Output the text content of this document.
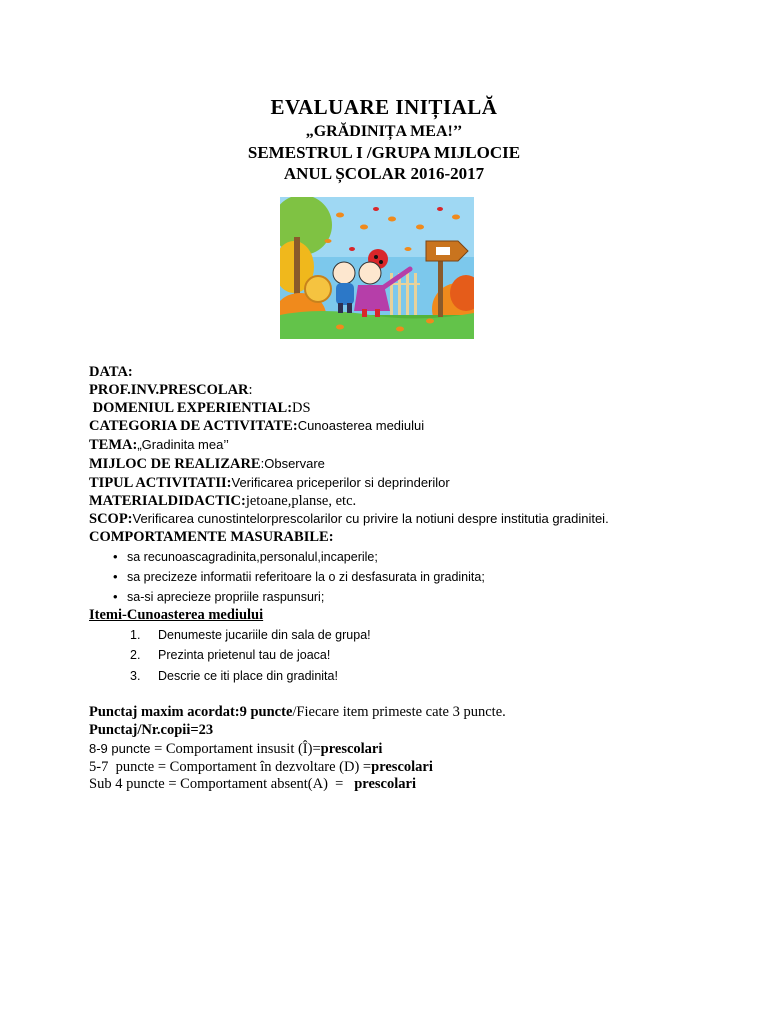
EVALUARE INIȚIALĂ
„GRĂDINIȚA MEA!’’
SEMESTRUL I /GRUPA MIJLOCIE
ANUL ȘCOLAR 2016-2017
DATA:
PROF.INV.PRESCOLAR:
DOMENIUL EXPERIENTIAL:DS
CATEGORIA DE ACTIVITATE:Cunoasterea mediului
TEMA:„Gradinita mea’’
MIJLOC DE REALIZARE:Observare
TIPUL ACTIVITATII:Verificarea priceperilor si deprinderilor
MATERIALDIDACTIC:jetoane,planse, etc.
SCOP:Verificarea cunostintelorprescolarilor cu privire la notiuni despre institutia gradinitei.
COMPORTAMENTE MASURABILE:
• sa recunoascagradinita,personalul,incaperile;
• sa precizeze informatii referitoare la o zi desfasurata in gradinita;
• sa-si aprecieze propriile raspunsuri;
Itemi-Cunoasterea mediului
1. Denumeste jucariile din sala de grupa!
2. Prezinta prietenul tau de joaca!
3. Descrie ce iti place din gradinita!
Punctaj maxim acordat:9 puncte/Fiecare item primeste cate 3 puncte.
Punctaj/Nr.copii=23
8-9 puncte = Comportament insusit (Î)=prescolari
5-7  puncte = Comportament în dezvoltare (D) =prescolari
Sub 4 puncte = Comportament absent(A)  =   prescolari
